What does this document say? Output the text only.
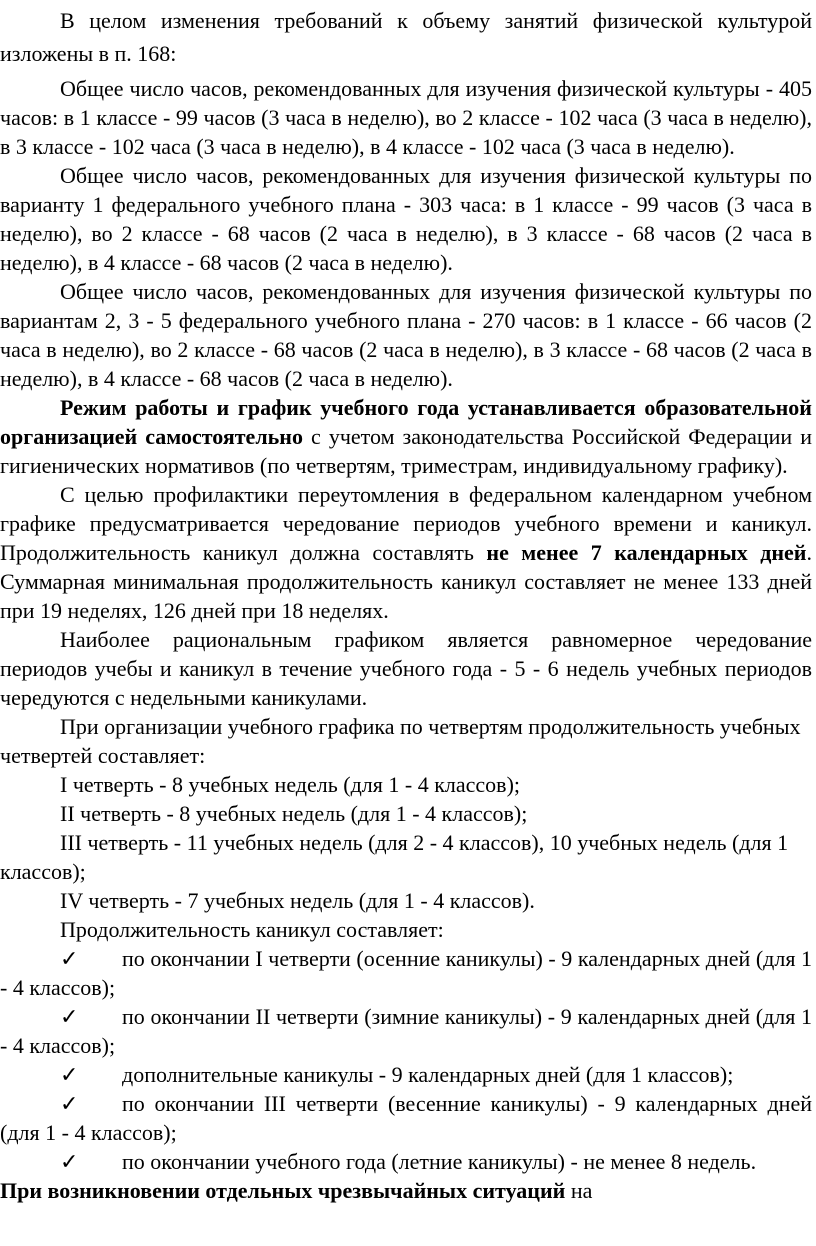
В целом изменения требований к объему занятий физической культурой изложены в п. 168:

Общее число часов, рекомендованных для изучения физической культуры - 405 часов: в 1 классе - 99 часов (3 часа в неделю), во 2 классе - 102 часа (3 часа в неделю), в 3 классе - 102 часа (3 часа в неделю), в 4 классе - 102 часа (3 часа в неделю).

Общее число часов, рекомендованных для изучения физической культуры по варианту 1 федерального учебного плана - 303 часа: в 1 классе - 99 часов (3 часа в неделю), во 2 классе - 68 часов (2 часа в неделю), в 3 классе - 68 часов (2 часа в неделю), в 4 классе - 68 часов (2 часа в неделю).

Общее число часов, рекомендованных для изучения физической культуры по вариантам 2, 3 - 5 федерального учебного плана - 270 часов: в 1 классе - 66 часов (2 часа в неделю), во 2 классе - 68 часов (2 часа в неделю), в 3 классе - 68 часов (2 часа в неделю), в 4 классе - 68 часов (2 часа в неделю).

Режим работы и график учебного года устанавливается образовательной организацией самостоятельно с учетом законодательства Российской Федерации и гигиенических нормативов (по четвертям, триместрам, индивидуальному графику).

С целью профилактики переутомления в федеральном календарном учебном графике предусматривается чередование периодов учебного времени и каникул. Продолжительность каникул должна составлять не менее 7 календарных дней. Суммарная минимальная продолжительность каникул составляет не менее 133 дней при 19 неделях, 126 дней при 18 неделях.

Наиболее рациональным графиком является равномерное чередование периодов учебы и каникул в течение учебного года - 5 - 6 недель учебных периодов чередуются с недельными каникулами.

При организации учебного графика по четвертям продолжительность учебных четвертей составляет:

I четверть - 8 учебных недель (для 1 - 4 классов);

II четверть - 8 учебных недель (для 1 - 4 классов);

III четверть - 11 учебных недель (для 2 - 4 классов), 10 учебных недель (для 1 классов);

IV четверть - 7 учебных недель (для 1 - 4 классов).

Продолжительность каникул составляет:

✓ по окончании I четверти (осенние каникулы) - 9 календарных дней (для 1 - 4 классов);

✓ по окончании II четверти (зимние каникулы) - 9 календарных дней (для 1 - 4 классов);

✓ дополнительные каникулы - 9 календарных дней (для 1 классов);

✓ по окончании III четверти (весенние каникулы) - 9 календарных дней (для 1 - 4 классов);

✓ по окончании учебного года (летние каникулы) - не менее 8 недель.

При возникновении отдельных чрезвычайных ситуаций на
